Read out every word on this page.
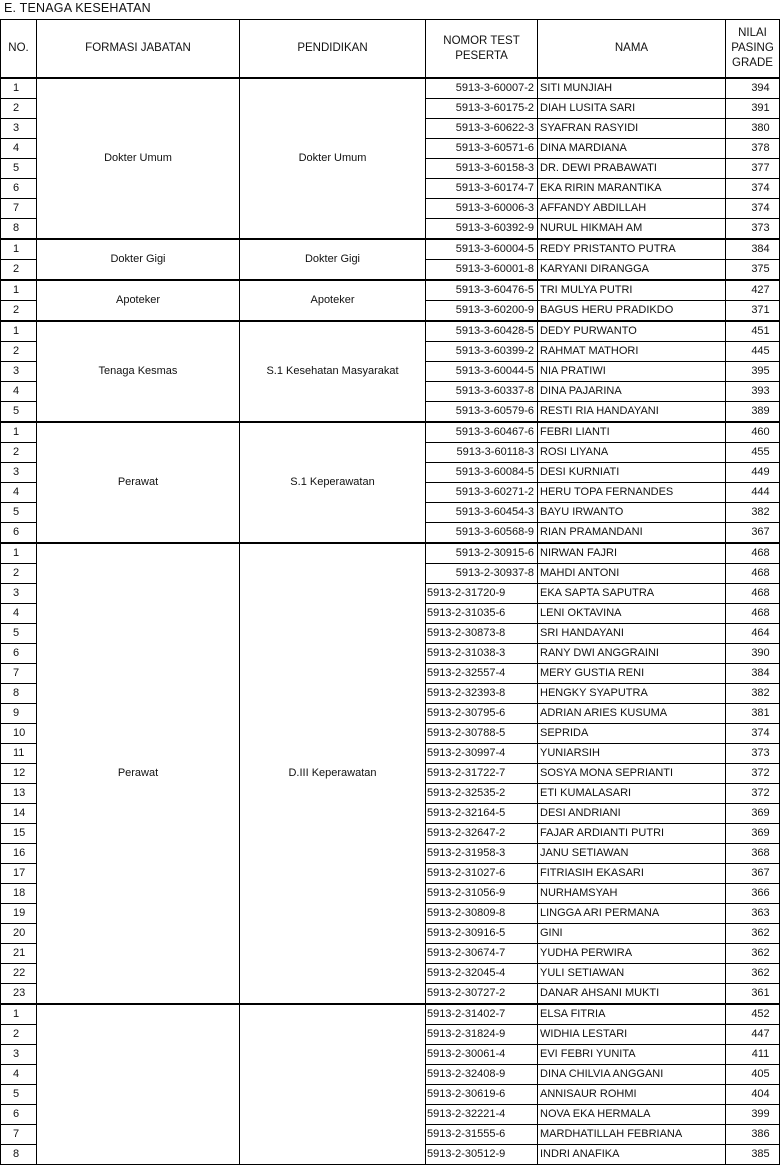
E. TENAGA KESEHATAN
NO.	FORMASI JABATAN	PENDIDIKAN	NOMOR TEST PESERTA	NAMA	NILAI PASING GRADE
1	Dokter Umum	Dokter Umum	5913-3-60007-2	SITI MUNJIAH	394
2			5913-3-60175-2	DIAH LUSITA SARI	391
3			5913-3-60622-3	SYAFRAN RASYIDI	380
4			5913-3-60571-6	DINA MARDIANA	378
5			5913-3-60158-3	DR. DEWI PRABAWATI	377
6			5913-3-60174-7	EKA RIRIN MARANTIKA	374
7			5913-3-60006-3	AFFANDY ABDILLAH	374
8			5913-3-60392-9	NURUL HIKMAH AM	373
1	Dokter Gigi	Dokter Gigi	5913-3-60004-5	REDY PRISTANTO PUTRA	384
2			5913-3-60001-8	KARYANI DIRANGGA	375
1	Apoteker	Apoteker	5913-3-60476-5	TRI MULYA PUTRI	427
2			5913-3-60200-9	BAGUS HERU PRADIKDO	371
1	Tenaga Kesmas	S.1 Kesehatan Masyarakat	5913-3-60428-5	DEDY PURWANTO	451
2			5913-3-60399-2	RAHMAT MATHORI	445
3			5913-3-60044-5	NIA PRATIWI	395
4			5913-3-60337-8	DINA PAJARINA	393
5			5913-3-60579-6	RESTI RIA HANDAYANI	389
1	Perawat	S.1 Keperawatan	5913-3-60467-6	FEBRI LIANTI	460
2			5913-3-60118-3	ROSI LIYANA	455
3			5913-3-60084-5	DESI KURNIATI	449
4			5913-3-60271-2	HERU TOPA FERNANDES	444
5			5913-3-60454-3	BAYU IRWANTO	382
6			5913-3-60568-9	RIAN PRAMANDANI	367
1	Perawat	D.III Keperawatan	5913-2-30915-6	NIRWAN FAJRI	468
2			5913-2-30937-8	MAHDI ANTONI	468
3			5913-2-31720-9	EKA SAPTA SAPUTRA	468
4			5913-2-31035-6	LENI OKTAVINA	468
5			5913-2-30873-8	SRI HANDAYANI	464
6			5913-2-31038-3	RANY DWI ANGGRAINI	390
7			5913-2-32557-4	MERY GUSTIA RENI	384
8			5913-2-32393-8	HENGKY SYAPUTRA	382
9			5913-2-30795-6	ADRIAN ARIES KUSUMA	381
10			5913-2-30788-5	SEPRIDA	374
11			5913-2-30997-4	YUNIARSIH	373
12			5913-2-31722-7	SOSYA MONA SEPRIANTI	372
13			5913-2-32535-2	ETI KUMALASARI	372
14			5913-2-32164-5	DESI ANDRIANI	369
15			5913-2-32647-2	FAJAR ARDIANTI PUTRI	369
16			5913-2-31958-3	JANU SETIAWAN	368
17			5913-2-31027-6	FITRIASIH EKASARI	367
18			5913-2-31056-9	NURHAMSYAH	366
19			5913-2-30809-8	LINGGA ARI PERMANA	363
20			5913-2-30916-5	GINI	362
21			5913-2-30674-7	YUDHA PERWIRA	362
22			5913-2-32045-4	YULI SETIAWAN	362
23			5913-2-30727-2	DANAR AHSANI MUKTI	361
1			5913-2-31402-7	ELSA FITRIA	452
2			5913-2-31824-9	WIDHIA LESTARI	447
3			5913-2-30061-4	EVI FEBRI YUNITA	411
4			5913-2-32408-9	DINA CHILVIA ANGGANI	405
5			5913-2-30619-6	ANNISAUR ROHMI	404
6			5913-2-32221-4	NOVA EKA HERMALA	399
7			5913-2-31555-6	MARDHATILLAH FEBRIANA	386
8			5913-2-30512-9	INDRI ANAFIKA	385
